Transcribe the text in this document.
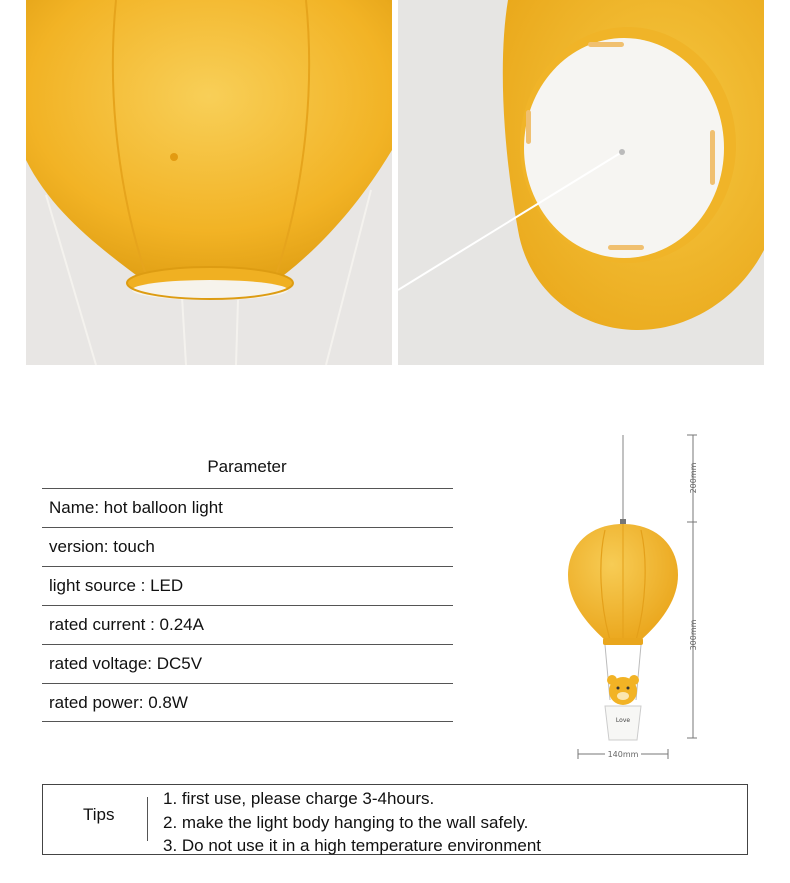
Parameter
Name: hot balloon light
version: touch
light source : LED
rated current : 0.24A
rated voltage: DC5V
rated power: 0.8W
Love
200mm
300mm
140mm
Tips
1. first use, please charge 3-4hours.
2. make the light body hanging to the wall safely.
3. Do not use it in a high temperature environment
